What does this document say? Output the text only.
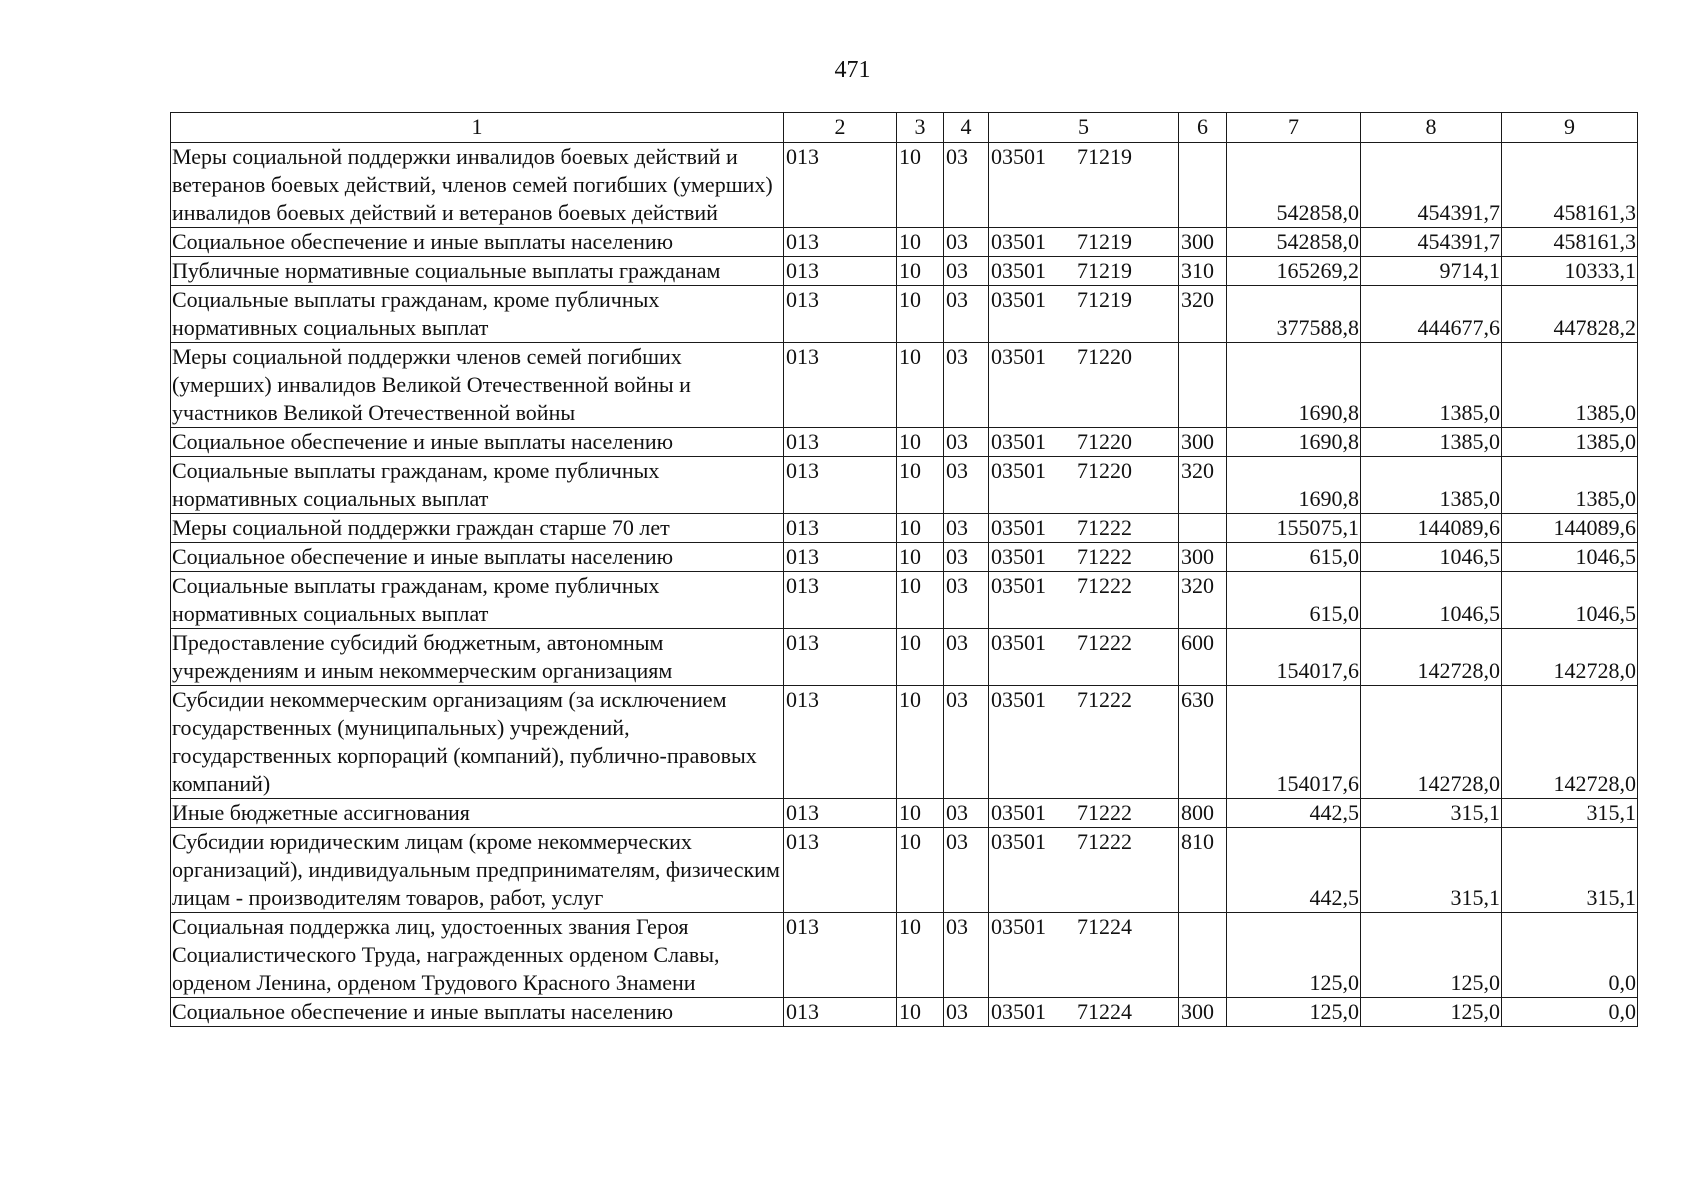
471
1	2	3	4	5	6	7	8	9
Меры социальной поддержки инвалидов боевых действий и ветеранов боевых действий, членов семей погибших (умерших) инвалидов боевых действий и ветеранов боевых действий	013	10	03	03501 71219		542858,0	454391,7	458161,3
Социальное обеспечение и иные выплаты населению	013	10	03	03501 71219	300	542858,0	454391,7	458161,3
Публичные нормативные социальные выплаты гражданам	013	10	03	03501 71219	310	165269,2	9714,1	10333,1
Социальные выплаты гражданам, кроме публичных нормативных социальных выплат	013	10	03	03501 71219	320	377588,8	444677,6	447828,2
Меры социальной поддержки членов семей погибших (умерших) инвалидов Великой Отечественной войны и участников Великой Отечественной войны	013	10	03	03501 71220		1690,8	1385,0	1385,0
Социальное обеспечение и иные выплаты населению	013	10	03	03501 71220	300	1690,8	1385,0	1385,0
Социальные выплаты гражданам, кроме публичных нормативных социальных выплат	013	10	03	03501 71220	320	1690,8	1385,0	1385,0
Меры социальной поддержки граждан старше 70 лет	013	10	03	03501 71222		155075,1	144089,6	144089,6
Социальное обеспечение и иные выплаты населению	013	10	03	03501 71222	300	615,0	1046,5	1046,5
Социальные выплаты гражданам, кроме публичных нормативных социальных выплат	013	10	03	03501 71222	320	615,0	1046,5	1046,5
Предоставление субсидий бюджетным, автономным учреждениям и иным некоммерческим организациям	013	10	03	03501 71222	600	154017,6	142728,0	142728,0
Субсидии некоммерческим организациям (за исключением государственных (муниципальных) учреждений, государственных корпораций (компаний), публично-правовых компаний)	013	10	03	03501 71222	630	154017,6	142728,0	142728,0
Иные бюджетные ассигнования	013	10	03	03501 71222	800	442,5	315,1	315,1
Субсидии юридическим лицам (кроме некоммерческих организаций), индивидуальным предпринимателям, физическим лицам - производителям товаров, работ, услуг	013	10	03	03501 71222	810	442,5	315,1	315,1
Социальная поддержка лиц, удостоенных звания Героя Социалистического Труда, награжденных орденом Славы, орденом Ленина, орденом Трудового Красного Знамени	013	10	03	03501 71224		125,0	125,0	0,0
Социальное обеспечение и иные выплаты населению	013	10	03	03501 71224	300	125,0	125,0	0,0
